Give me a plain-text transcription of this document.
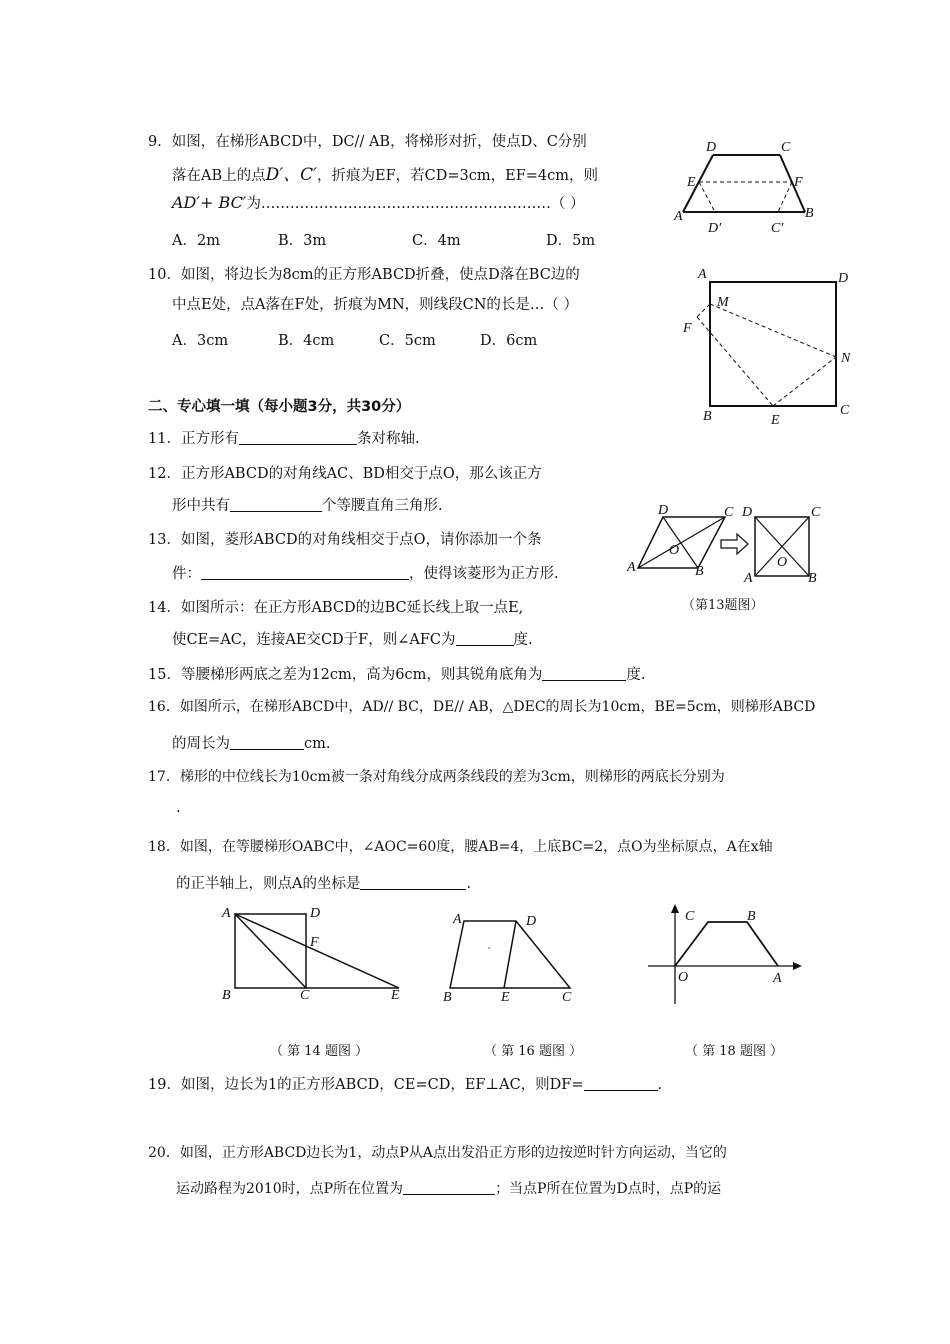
9．如图，在梯形ABCD中，DC// AB，将梯形对折，使点D、C分别
落在AB上的点D′、C′，折痕为EF，若CD=3cm，EF=4cm，则
AD′+ BC′为……………………………………………………（ ）
A．2m	B．3m	C．4m	D．5m
D	C
E	F
A	B
D′	C′
10．如图，将边长为8cm的正方形ABCD折叠，使点D落在BC边的
中点E处，点A落在F处，折痕为MN，则线段CN的长是…（ ）
A．3cm	B．4cm	C．5cm	D．6cm
A	D
M
F
N
B	E
C
二、专心填一填（每小题3分，共30分）
11．正方形有	条对称轴.
12．正方形ABCD的对角线AC、BD相交于点O，那么该正方
形中共有	个等腰直角三角形.
13．如图，菱形ABCD的对角线相交于点O，请你添加一个条
件：	，使得该菱形为正方形.
D	C
O
A	B
D	C
O
A	B
（第13题图）
14．如图所示：在正方形ABCD的边BC延长线上取一点E,
使CE=AC，连接AE交CD于F，则∠AFC为	度.
15．等腰梯形两底之差为12cm，高为6cm，则其锐角底角为	度.
16．如图所示，在梯形ABCD中，AD// BC，DE// AB，△DEC的周长为10cm，BE=5cm，则梯形ABCD
的周长为	cm.
17．梯形的中位线长为10cm被一条对角线分成两条线段的差为3cm，则梯形的两底长分别为
.
18．如图，在等腰梯形OABC中，∠AOC=60度，腰AB=4，上底BC=2，点O为坐标原点，A在x轴
的正半轴上，则点A的坐标是	.
A	D
F
B	C	E
A	D
B	E	C
C	B
O	A
（ 第 14 题图 ）	（ 第 16 题图 ）	（ 第 18 题图 ）
19．如图，边长为1的正方形ABCD，CE=CD，EF⊥AC，则DF=	.
20．如图，正方形ABCD边长为1，动点P从A点出发沿正方形的边按逆时针方向运动，当它的
运动路程为2010时，点P所在位置为	；当点P所在位置为D点时，点P的运
